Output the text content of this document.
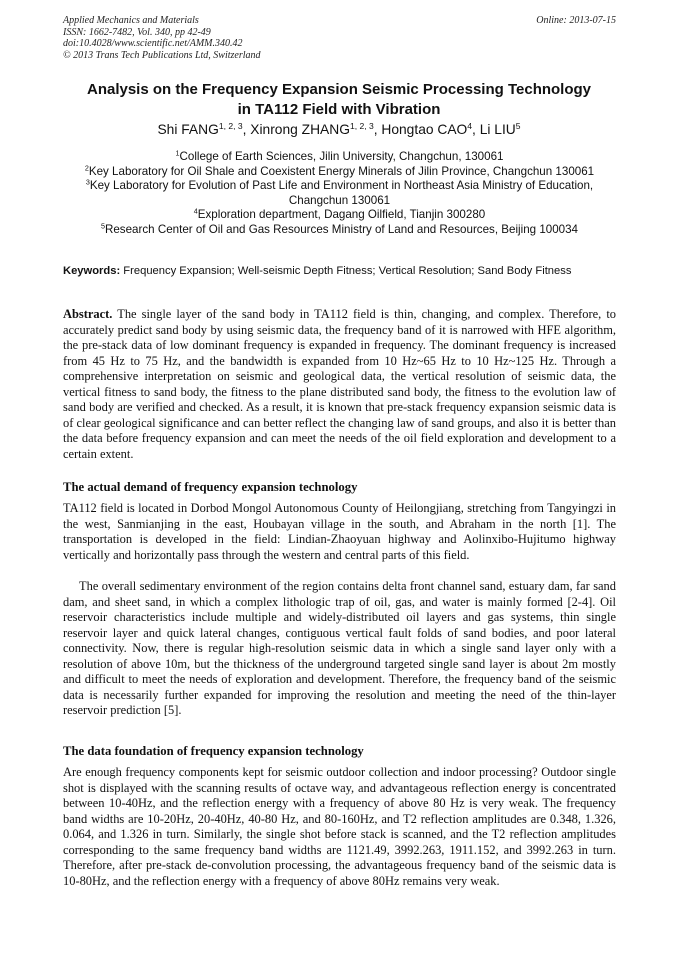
Applied Mechanics and Materials
ISSN: 1662-7482, Vol. 340, pp 42-49
doi:10.4028/www.scientific.net/AMM.340.42
© 2013 Trans Tech Publications Ltd, Switzerland
Online: 2013-07-15
Analysis on the Frequency Expansion Seismic Processing Technology
in TA112 Field with Vibration
Shi FANG$^{1, 2, 3}$, Xinrong ZHANG$^{1, 2, 3}$, Hongtao CAO$^4$, Li LIU$^5$
$^1$College of Earth Sciences, Jilin University, Changchun, 130061
$^2$Key Laboratory for Oil Shale and Coexistent Energy Minerals of Jilin Province, Changchun 130061
$^3$Key Laboratory for Evolution of Past Life and Environment in Northeast Asia Ministry of Education, Changchun 130061
$^4$Exploration department, Dagang Oilfield, Tianjin 300280
$^5$Research Center of Oil and Gas Resources Ministry of Land and Resources, Beijing 100034
Keywords: Frequency Expansion; Well-seismic Depth Fitness; Vertical Resolution; Sand Body Fitness

Abstract. The single layer of the sand body in TA112 field is thin, changing, and complex. Therefore, to accurately predict sand body by using seismic data, the frequency band of it is narrowed with HFE algorithm, the pre-stack data of low dominant frequency is expanded in frequency. The dominant frequency is increased from 45 Hz to 75 Hz, and the bandwidth is expanded from 10 Hz~65 Hz to 10 Hz~125 Hz. Through a comprehensive interpretation on seismic and geological data, the vertical resolution of seismic data, the vertical fitness to sand body, the fitness to the plane distributed sand body, the fitness to the evolution law of sand body are verified and checked. As a result, it is known that pre-stack frequency expansion seismic data is of clear geological significance and can better reflect the changing law of sand groups, and also it is better than the data before frequency expansion and can meet the needs of the oil field exploration and development to a certain extent.

The actual demand of frequency expansion technology

TA112 field is located in Dorbod Mongol Autonomous County of Heilongjiang, stretching from Tangyingzi in the west, Sanmianjing in the east, Houbayan village in the south, and Abraham in the north [1]. The transportation is developed in the field: Lindian-Zhaoyuan highway and Aolinxibo-Hujitumo highway vertically and horizontally pass through the western and central parts of this field.

The overall sedimentary environment of the region contains delta front channel sand, estuary dam, far sand dam, and sheet sand, in which a complex lithologic trap of oil, gas, and water is mainly formed [2-4]. Oil reservoir characteristics include multiple and widely-distributed oil layers and gas systems, thin single reservoir layer and quick lateral changes, contiguous vertical fault folds of sand bodies, and poor lateral connectivity. Now, there is regular high-resolution seismic data in which a single sand layer only with a resolution of above 10m, but the thickness of the underground targeted single sand layer is about 2m mostly and difficult to meet the needs of exploration and development. Therefore, the frequency band of the seismic data is necessarily further expanded for improving the resolution and meeting the need of the thin-layer reservoir prediction [5].

The data foundation of frequency expansion technology

Are enough frequency components kept for seismic outdoor collection and indoor processing? Outdoor single shot is displayed with the scanning results of octave way, and advantageous reflection energy is concentrated between 10-40Hz, and the reflection energy with a frequency of above 80 Hz is very weak. The frequency band widths are 10-20Hz, 20-40Hz, 40-80 Hz, and 80-160Hz, and T2 reflection amplitudes are 0.348, 1.326, 0.064, and 1.326 in turn. Similarly, the single shot before stack is scanned, and the T2 reflection amplitudes corresponding to the same frequency band widths are 1121.49, 3992.263, 1911.152, and 3992.263 in turn. Therefore, after pre-stack de-convolution processing, the advantageous frequency band of the seismic data is 10-80Hz, and the reflection energy with a frequency of above 80Hz remains very weak.
